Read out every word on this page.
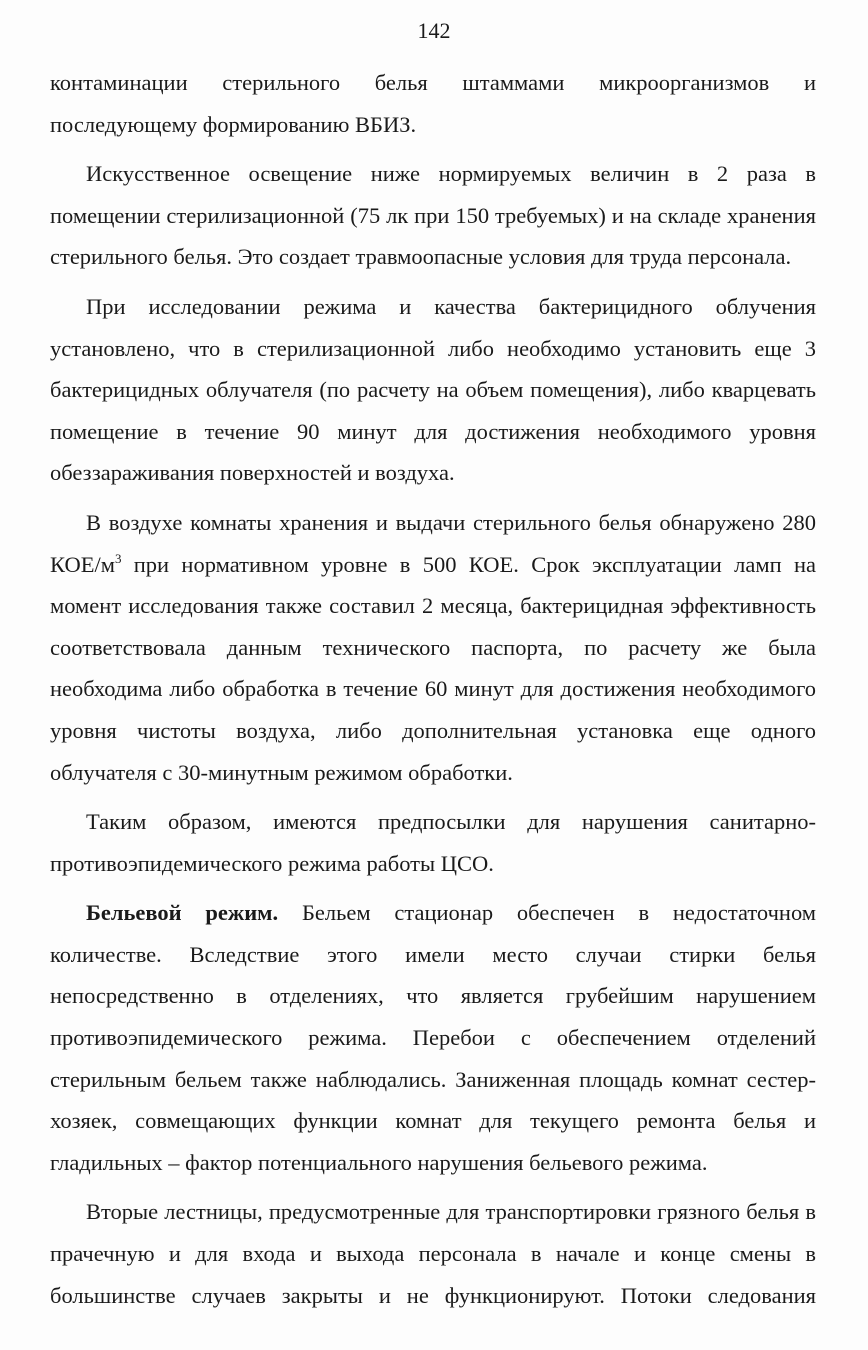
142

контаминации стерильного белья штаммами микроорганизмов и последующему формированию ВБИЗ.

Искусственное освещение ниже нормируемых величин в 2 раза в помещении стерилизационной (75 лк при 150 требуемых) и на складе хранения стерильного белья. Это создает травмоопасные условия для труда персонала.

При исследовании режима и качества бактерицидного облучения установлено, что в стерилизационной либо необходимо установить еще 3 бактерицидных облучателя (по расчету на объем помещения), либо кварцевать помещение в течение 90 минут для достижения необходимого уровня обеззараживания поверхностей и воздуха.

В воздухе комнаты хранения и выдачи стерильного белья обнаружено 280 КОЕ/$м^3$ при нормативном уровне в 500 КОЕ. Срок эксплуатации ламп на момент исследования также составил 2 месяца, бактерицидная эффективность соответствовала данным технического паспорта, по расчету же была необходима либо обработка в течение 60 минут для достижения необходимого уровня чистоты воздуха, либо дополнительная установка еще одного облучателя с 30-минутным режимом обработки.

Таким образом, имеются предпосылки для нарушения санитарно-противоэпидемического режима работы ЦСО.

Бельевой режим. Бельем стационар обеспечен в недостаточном количестве. Вследствие этого имели место случаи стирки белья непосредственно в отделениях, что является грубейшим нарушением противоэпидемического режима. Перебои с обеспечением отделений стерильным бельем также наблюдались. Заниженная площадь комнат сестер-хозяек, совмещающих функции комнат для текущего ремонта белья и гладильных – фактор потенциального нарушения бельевого режима.

Вторые лестницы, предусмотренные для транспортировки грязного белья в прачечную и для входа и выхода персонала в начале и конце смены в большинстве случаев закрыты и не функционируют. Потоки следования
